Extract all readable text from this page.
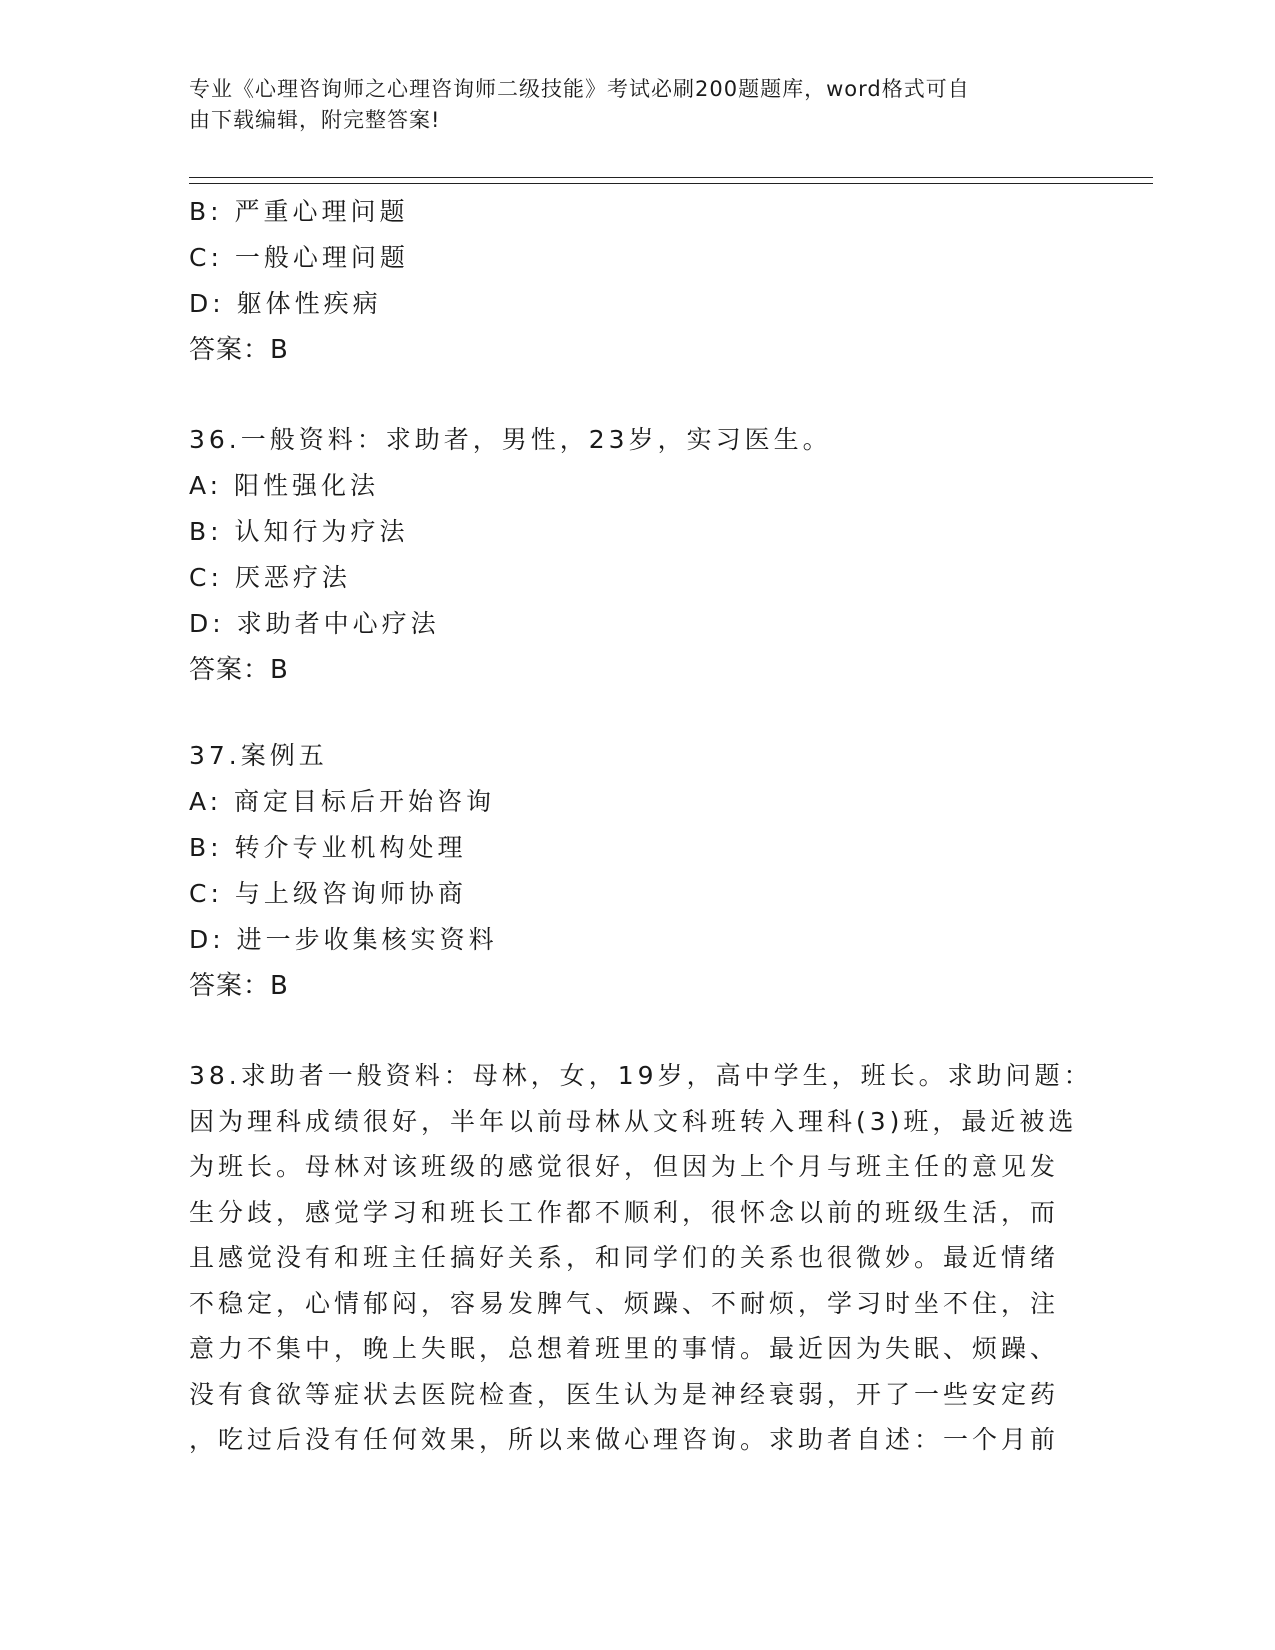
专业《心理咨询师之心理咨询师二级技能》考试必刷200题题库，word格式可自
由下载编辑，附完整答案!
B: 严重心理问题
C: 一般心理问题
D: 躯体性疾病
答案：B
36.一般资料：求助者，男性，23岁，实习医生。
A: 阳性强化法
B: 认知行为疗法
C: 厌恶疗法
D: 求助者中心疗法
答案：B
37.案例五
A: 商定目标后开始咨询
B: 转介专业机构处理
C: 与上级咨询师协商
D: 进一步收集核实资料
答案：B
38.求助者一般资料：母林，女，19岁，高中学生，班长。求助问题：
因为理科成绩很好，半年以前母林从文科班转入理科(3)班，最近被选
为班长。母林对该班级的感觉很好，但因为上个月与班主任的意见发
生分歧，感觉学习和班长工作都不顺利，很怀念以前的班级生活，而
且感觉没有和班主任搞好关系，和同学们的关系也很微妙。最近情绪
不稳定，心情郁闷，容易发脾气、烦躁、不耐烦，学习时坐不住，注
意力不集中，晚上失眠，总想着班里的事情。最近因为失眠、烦躁、
没有食欲等症状去医院检查，医生认为是神经衰弱，开了一些安定药
，吃过后没有任何效果，所以来做心理咨询。求助者自述：一个月前
